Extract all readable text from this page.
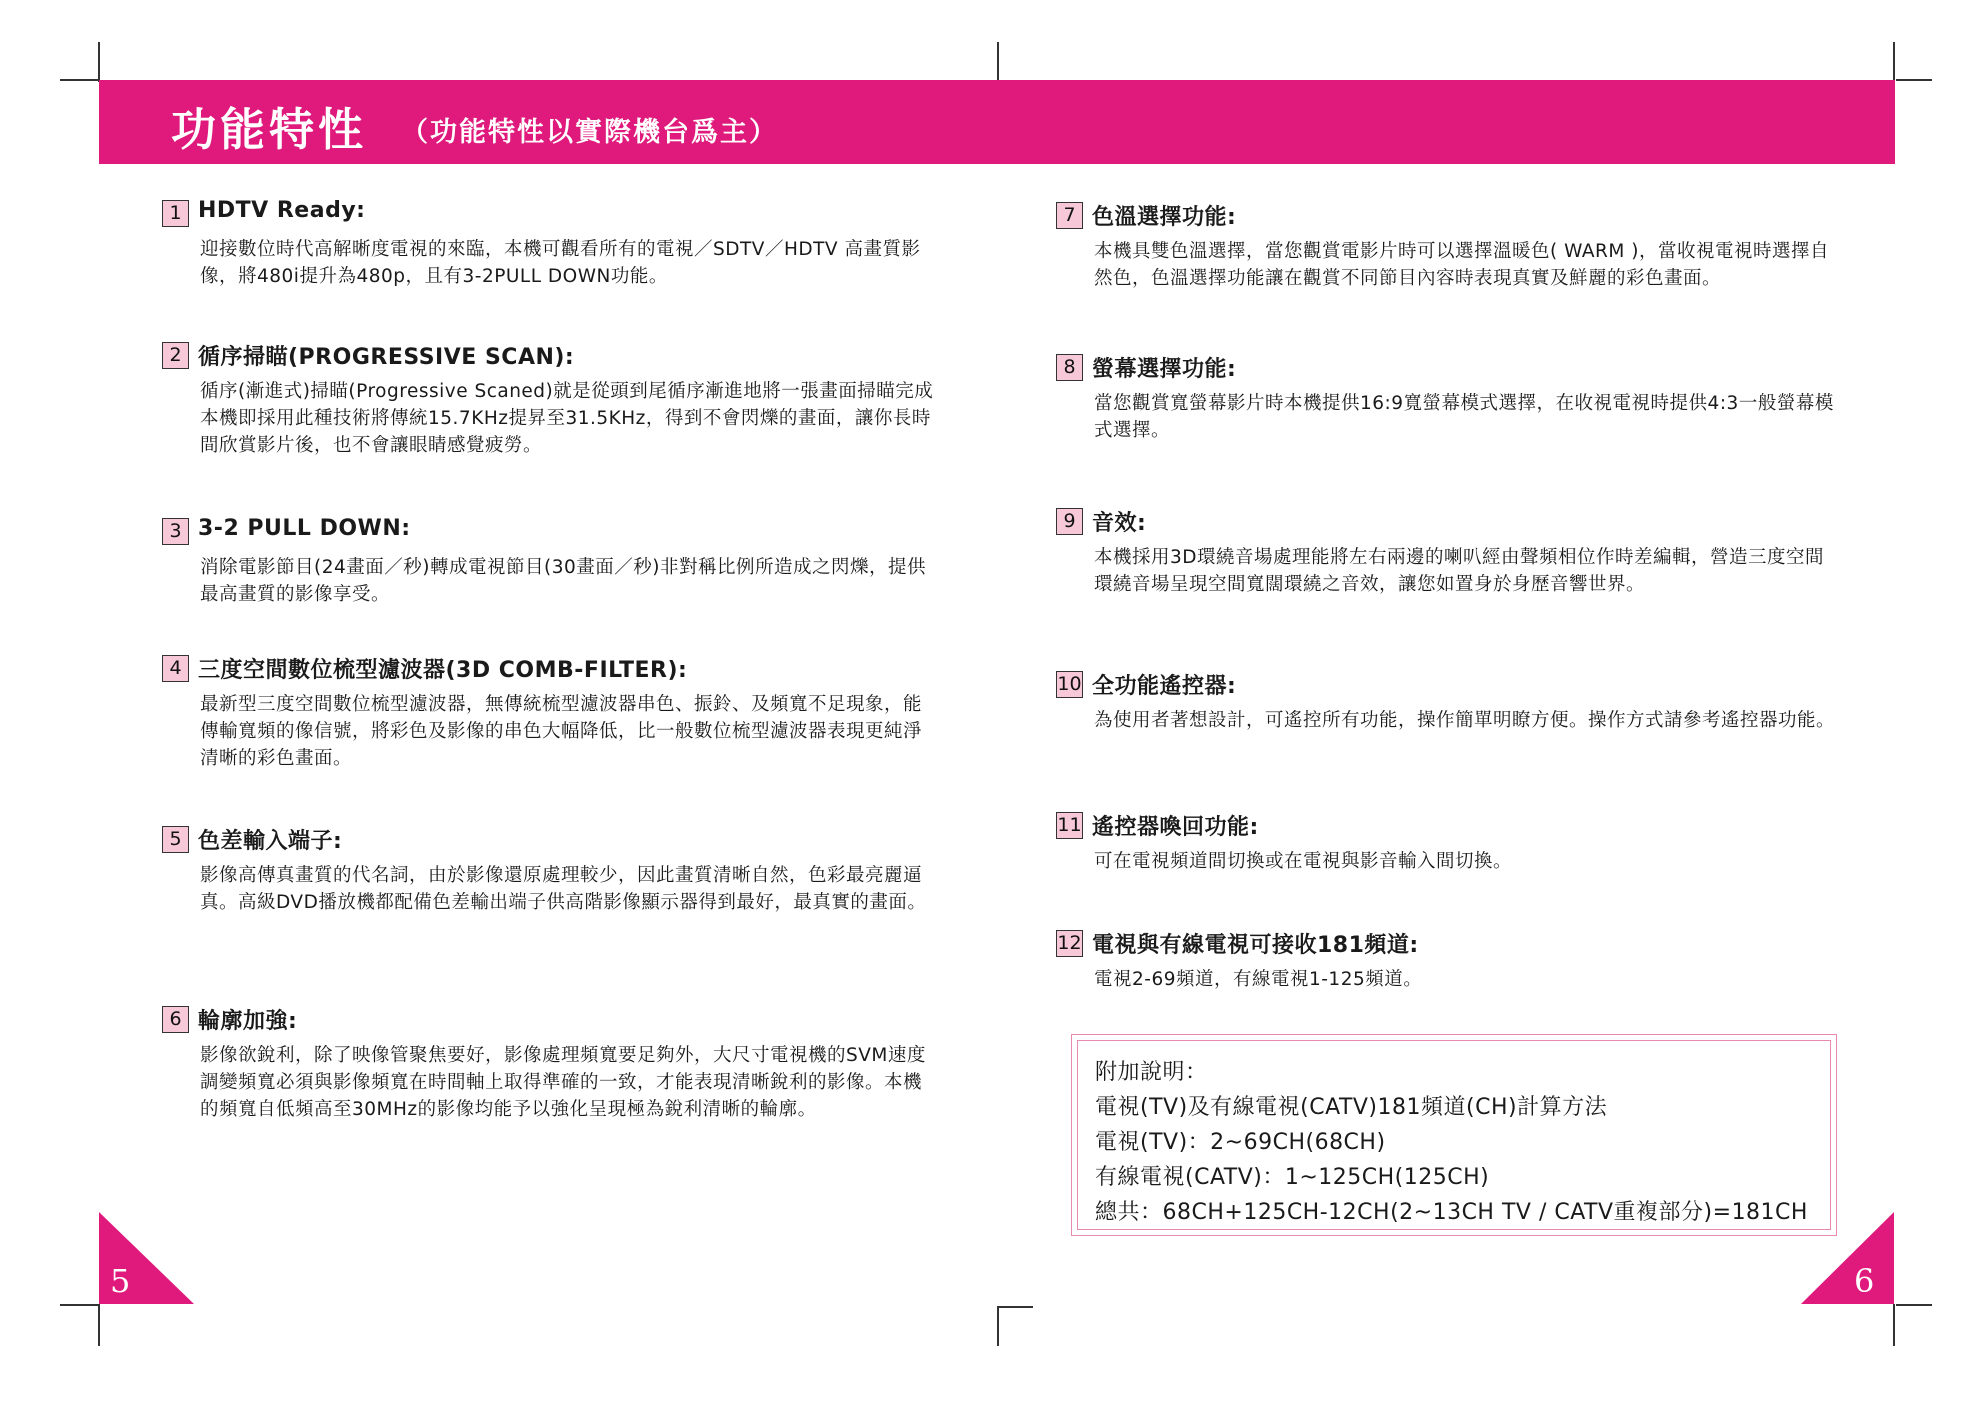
功能特性 （功能特性以實際機台爲主）
1 HDTV Ready:

迎接數位時代高解晰度電視的來臨，本機可觀看所有的電視／SDTV／HDTV 高畫質影像，將480i提升為480p，且有3-2PULL DOWN功能。

2 循序掃瞄(PROGRESSIVE SCAN):

循序(漸進式)掃瞄(Progressive Scaned)就是從頭到尾循序漸進地將一張畫面掃瞄完成本機即採用此種技術將傳統15.7KHz提昇至31.5KHz，得到不會閃爍的畫面，讓你長時間欣賞影片後，也不會讓眼睛感覺疲勞。

3 3-2 PULL DOWN:

消除電影節目(24畫面／秒)轉成電視節目(30畫面／秒)非對稱比例所造成之閃爍，提供最高畫質的影像享受。

4 三度空間數位梳型濾波器(3D COMB-FILTER):

最新型三度空間數位梳型濾波器，無傳統梳型濾波器串色、振鈴、及頻寬不足現象，能傳輸寬頻的像信號，將彩色及影像的串色大幅降低，比一般數位梳型濾波器表現更純淨清晰的彩色畫面。

5 色差輸入端子:

影像高傳真畫質的代名詞，由於影像還原處理較少，因此畫質清晰自然，色彩最亮麗逼真。高級DVD播放機都配備色差輸出端子供高階影像顯示器得到最好，最真實的畫面。

6 輪廓加強:

影像欲銳利，除了映像管聚焦要好，影像處理頻寬要足夠外，大尺寸電視機的SVM速度調變頻寬必須與影像頻寬在時間軸上取得準確的一致，才能表現清晰銳利的影像。本機的頻寬自低頻高至30MHz的影像均能予以強化呈現極為銳利清晰的輪廓。

7 色溫選擇功能:

本機具雙色溫選擇，當您觀賞電影片時可以選擇溫暖色( WARM )，當收視電視時選擇自然色，色溫選擇功能讓在觀賞不同節目內容時表現真實及鮮麗的彩色畫面。

8 螢幕選擇功能:

當您觀賞寬螢幕影片時本機提供16:9寬螢幕模式選擇，在收視電視時提供4:3一般螢幕模式選擇。

9 音效:

本機採用3D環繞音場處理能將左右兩邊的喇叭經由聲頻相位作時差編輯，營造三度空間環繞音場呈現空間寬闊環繞之音效，讓您如置身於身歷音響世界。

10 全功能遙控器:

為使用者著想設計，可遙控所有功能，操作簡單明瞭方便。操作方式請參考遙控器功能。

11 遙控器喚回功能:

可在電視頻道間切換或在電視與影音輸入間切換。

12 電視與有線電視可接收181頻道:

電視2-69頻道，有線電視1-125頻道。

附加說明：
電視(TV)及有線電視(CATV)181頻道(CH)計算方法
電視(TV)：2~69CH(68CH)
有線電視(CATV)：1~125CH(125CH)
總共：68CH+125CH-12CH(2~13CH TV / CATV重複部分)=181CH
5	6
